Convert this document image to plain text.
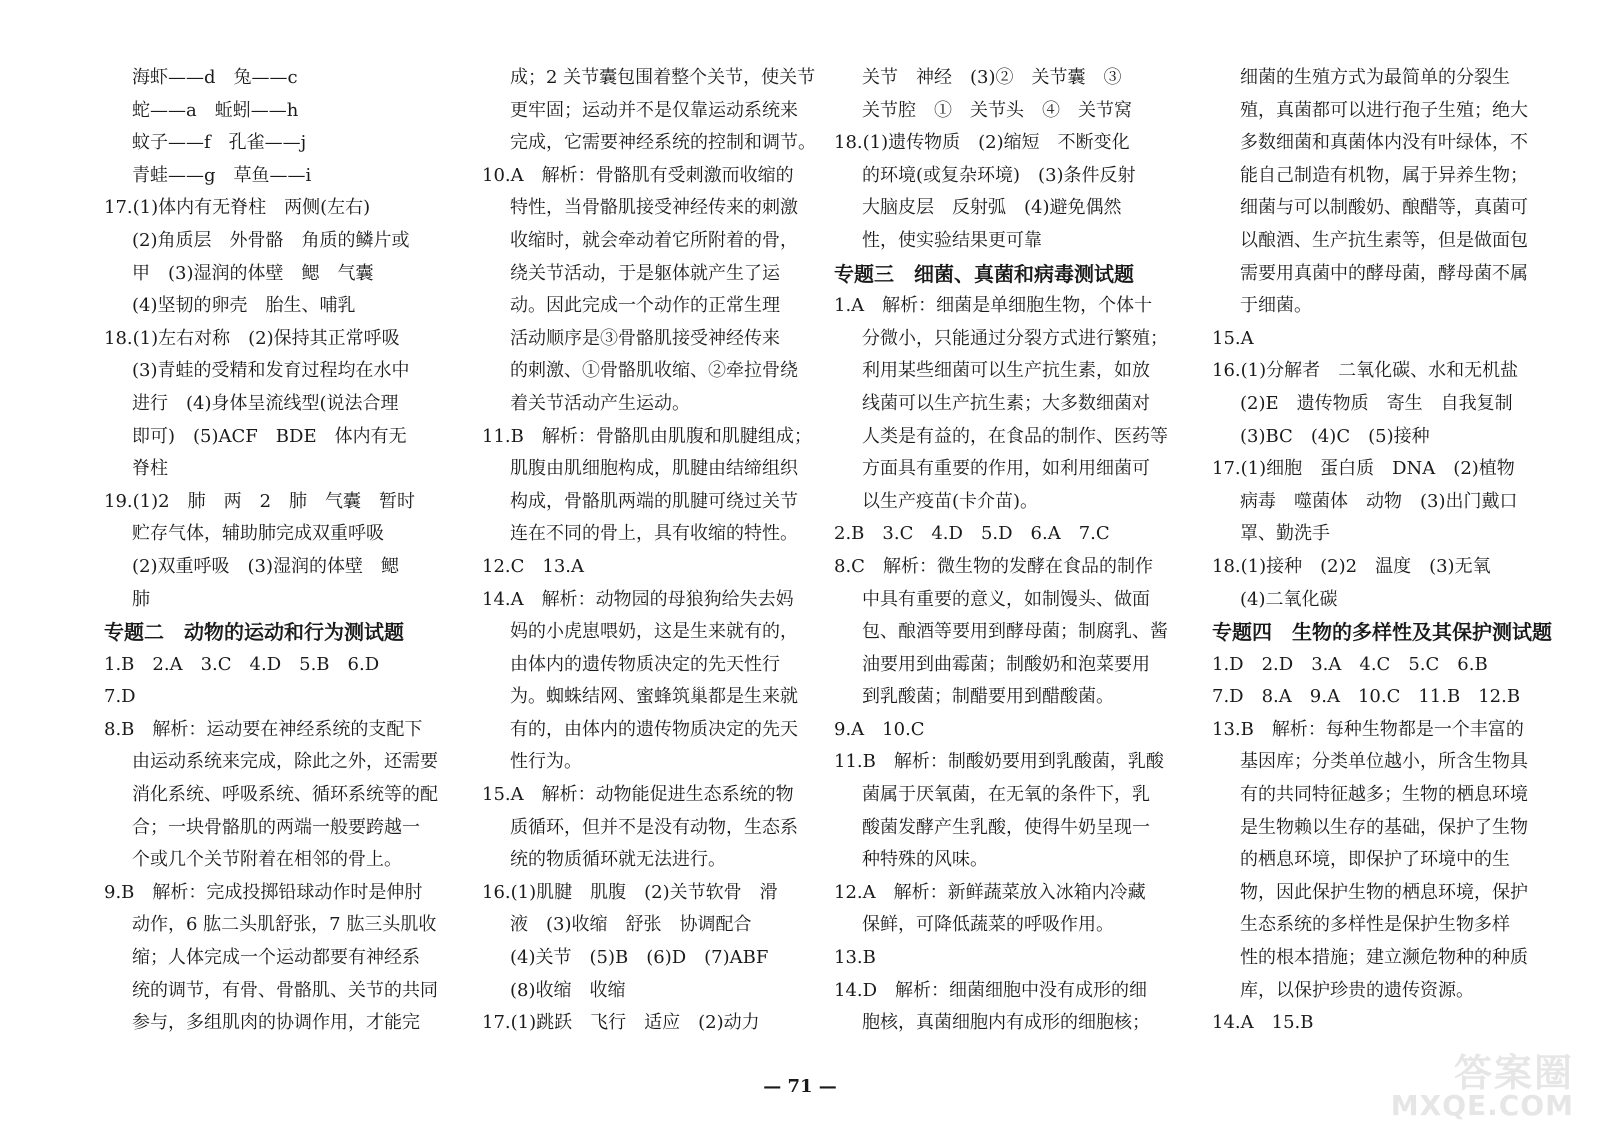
海虾——d　兔——c
蛇——a　蚯蚓——h
蚊子——f　孔雀——j
青蛙——g　草鱼——i
17.(1)体内有无脊柱　两侧(左右)
(2)角质层　外骨骼　角质的鳞片或
甲　(3)湿润的体壁　鳃　气囊
(4)坚韧的卵壳　胎生、哺乳
18.(1)左右对称　(2)保持其正常呼吸
(3)青蛙的受精和发育过程均在水中
进行　(4)身体呈流线型(说法合理
即可)　(5)ACF　BDE　体内有无
脊柱
19.(1)2　肺　两　2　肺　气囊　暂时
贮存气体，辅助肺完成双重呼吸
(2)双重呼吸　(3)湿润的体壁　鳃
肺
专题二　动物的运动和行为测试题
1.B　2.A　3.C　4.D　5.B　6.D
7.D
8.B　解析：运动要在神经系统的支配下
由运动系统来完成，除此之外，还需要
消化系统、呼吸系统、循环系统等的配
合；一块骨骼肌的两端一般要跨越一
个或几个关节附着在相邻的骨上。
9.B　解析：完成投掷铅球动作时是伸肘
动作，6 肱二头肌舒张，7 肱三头肌收
缩；人体完成一个运动都要有神经系
统的调节，有骨、骨骼肌、关节的共同
参与，多组肌肉的协调作用，才能完
成；2 关节囊包围着整个关节，使关节
更牢固；运动并不是仅靠运动系统来
完成，它需要神经系统的控制和调节。
10.A　解析：骨骼肌有受刺激而收缩的
特性，当骨骼肌接受神经传来的刺激
收缩时，就会牵动着它所附着的骨，
绕关节活动，于是躯体就产生了运
动。因此完成一个动作的正常生理
活动顺序是③骨骼肌接受神经传来
的刺激、①骨骼肌收缩、②牵拉骨绕
着关节活动产生运动。
11.B　解析：骨骼肌由肌腹和肌腱组成；
肌腹由肌细胞构成，肌腱由结缔组织
构成，骨骼肌两端的肌腱可绕过关节
连在不同的骨上，具有收缩的特性。
12.C　13.A
14.A　解析：动物园的母狼狗给失去妈
妈的小虎崽喂奶，这是生来就有的，
由体内的遗传物质决定的先天性行
为。蜘蛛结网、蜜蜂筑巢都是生来就
有的，由体内的遗传物质决定的先天
性行为。
15.A　解析：动物能促进生态系统的物
质循环，但并不是没有动物，生态系
统的物质循环就无法进行。
16.(1)肌腱　肌腹　(2)关节软骨　滑
液　(3)收缩　舒张　协调配合
(4)关节　(5)B　(6)D　(7)ABF
(8)收缩　收缩
17.(1)跳跃　飞行　适应　(2)动力
关节　神经　(3)②　关节囊　③
关节腔　①　关节头　④　关节窝
18.(1)遗传物质　(2)缩短　不断变化
的环境(或复杂环境)　(3)条件反射
大脑皮层　反射弧　(4)避免偶然
性，使实验结果更可靠
专题三　细菌、真菌和病毒测试题
1.A　解析：细菌是单细胞生物，个体十
分微小，只能通过分裂方式进行繁殖；
利用某些细菌可以生产抗生素，如放
线菌可以生产抗生素；大多数细菌对
人类是有益的，在食品的制作、医药等
方面具有重要的作用，如利用细菌可
以生产疫苗(卡介苗)。
2.B　3.C　4.D　5.D　6.A　7.C
8.C　解析：微生物的发酵在食品的制作
中具有重要的意义，如制馒头、做面
包、酿酒等要用到酵母菌；制腐乳、酱
油要用到曲霉菌；制酸奶和泡菜要用
到乳酸菌；制醋要用到醋酸菌。
9.A　10.C
11.B　解析：制酸奶要用到乳酸菌，乳酸
菌属于厌氧菌，在无氧的条件下，乳
酸菌发酵产生乳酸，使得牛奶呈现一
种特殊的风味。
12.A　解析：新鲜蔬菜放入冰箱内冷藏
保鲜，可降低蔬菜的呼吸作用。
13.B
14.D　解析：细菌细胞中没有成形的细
胞核，真菌细胞内有成形的细胞核；
细菌的生殖方式为最简单的分裂生
殖，真菌都可以进行孢子生殖；绝大
多数细菌和真菌体内没有叶绿体，不
能自己制造有机物，属于异养生物；
细菌与可以制酸奶、酿醋等，真菌可
以酿酒、生产抗生素等，但是做面包
需要用真菌中的酵母菌，酵母菌不属
于细菌。
15.A
16.(1)分解者　二氧化碳、水和无机盐
(2)E　遗传物质　寄生　自我复制
(3)BC　(4)C　(5)接种
17.(1)细胞　蛋白质　DNA　(2)植物
病毒　噬菌体　动物　(3)出门戴口
罩、勤洗手
18.(1)接种　(2)2　温度　(3)无氧
(4)二氧化碳
专题四　生物的多样性及其保护测试题
1.D　2.D　3.A　4.C　5.C　6.B
7.D　8.A　9.A　10.C　11.B　12.B
13.B　解析：每种生物都是一个丰富的
基因库；分类单位越小，所含生物具
有的共同特征越多；生物的栖息环境
是生物赖以生存的基础，保护了生物
的栖息环境，即保护了环境中的生
物，因此保护生物的栖息环境，保护
生态系统的多样性是保护生物多样
性的根本措施；建立濒危物种的种质
库，以保护珍贵的遗传资源。
14.A　15.B
— 71 —	答案圈
MXQE.COM
